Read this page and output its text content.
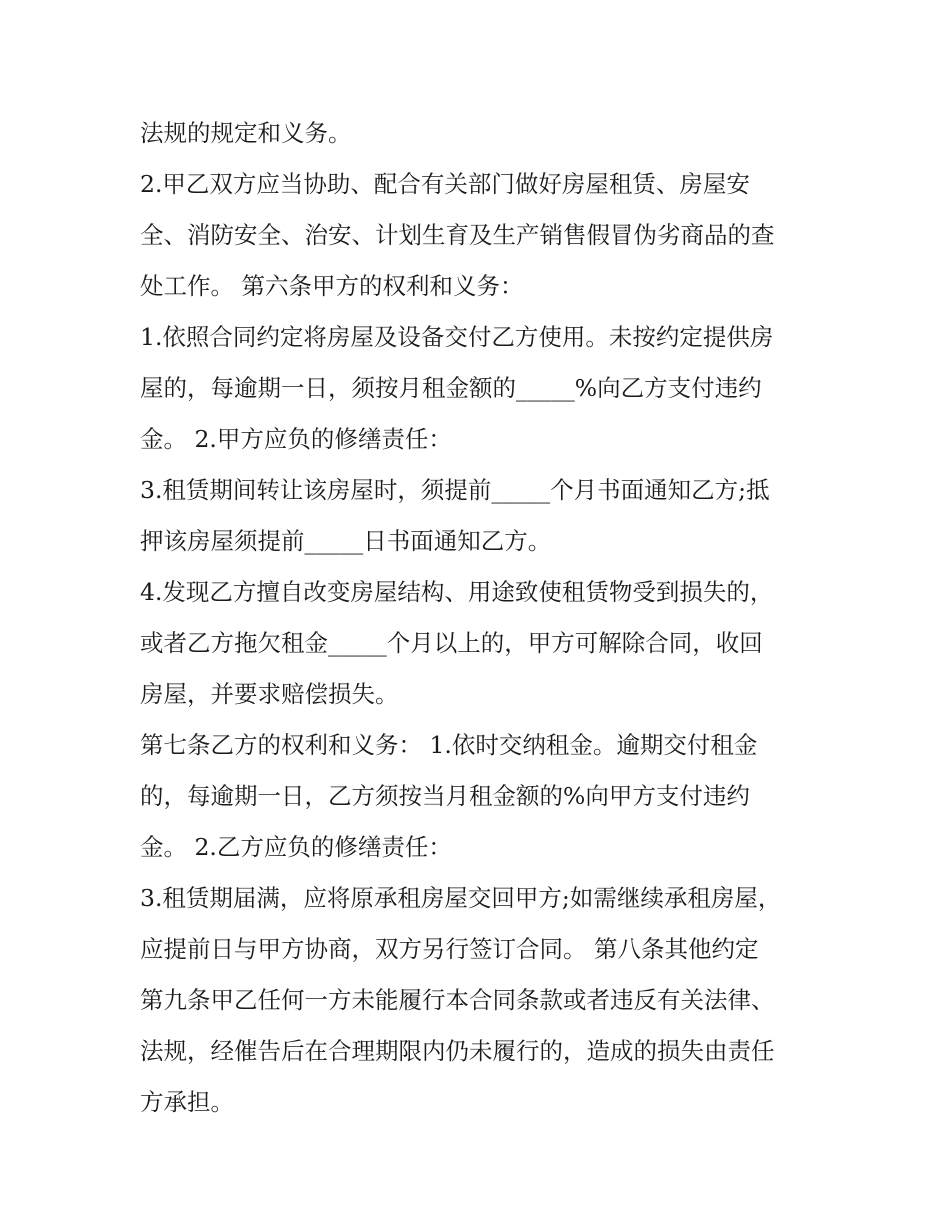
法规的规定和义务。
2.甲乙双方应当协助、配合有关部门做好房屋租赁、房屋安
全、消防安全、治安、计划生育及生产销售假冒伪劣商品的查
处工作。 第六条甲方的权利和义务：
1.依照合同约定将房屋及设备交付乙方使用。未按约定提供房
屋的，每逾期一日，须按月租金额的_____%向乙方支付违约
金。 2.甲方应负的修缮责任：
3.租赁期间转让该房屋时，须提前_____个月书面通知乙方;抵
押该房屋须提前_____日书面通知乙方。
4.发现乙方擅自改变房屋结构、用途致使租赁物受到损失的，
或者乙方拖欠租金_____个月以上的，甲方可解除合同，收回
房屋，并要求赔偿损失。
第七条乙方的权利和义务： 1.依时交纳租金。逾期交付租金
的，每逾期一日，乙方须按当月租金额的%向甲方支付违约
金。 2.乙方应负的修缮责任：
3.租赁期届满，应将原承租房屋交回甲方;如需继续承租房屋，
应提前日与甲方协商，双方另行签订合同。 第八条其他约定
第九条甲乙任何一方未能履行本合同条款或者违反有关法律、
法规，经催告后在合理期限内仍未履行的，造成的损失由责任
方承担。
